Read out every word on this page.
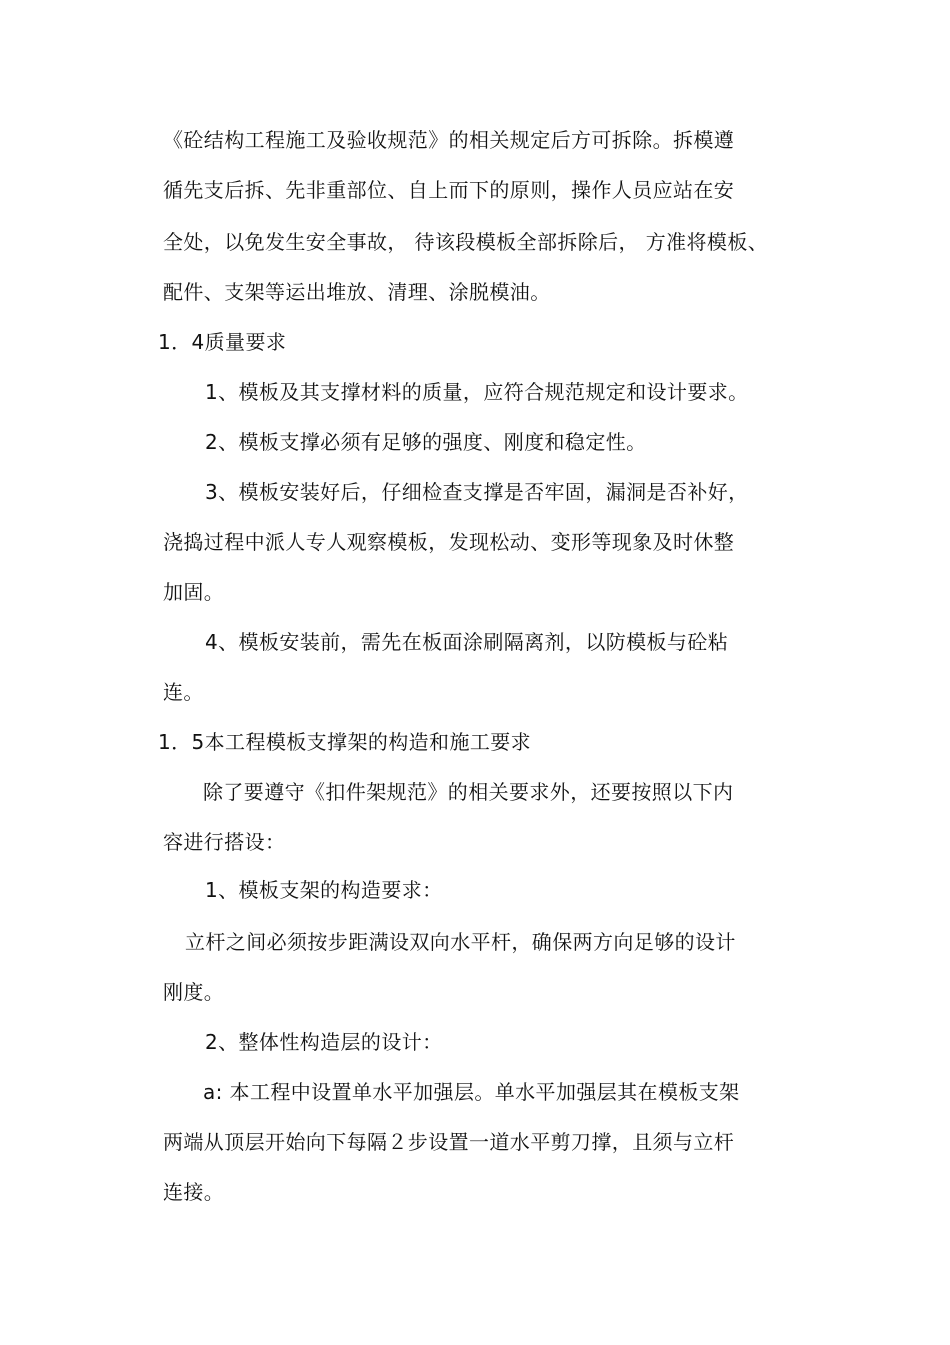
《砼结构工程施工及验收规范》的相关规定后方可拆除。拆模遵
循先支后拆、先非重部位、自上而下的原则，操作人员应站在安
全处，以免发生安全事故， 待该段模板全部拆除后， 方准将模板、
配件、支架等运出堆放、清理、涂脱模油。
1．4质量要求
1、模板及其支撑材料的质量，应符合规范规定和设计要求。
2、模板支撑必须有足够的强度、刚度和稳定性。
3、模板安装好后，仔细检查支撑是否牢固，漏洞是否补好，
浇捣过程中派人专人观察模板，发现松动、变形等现象及时休整
加固。
4、模板安装前，需先在板面涂刷隔离剂，以防模板与砼粘
连。
1．5本工程模板支撑架的构造和施工要求
除了要遵守《扣件架规范》的相关要求外，还要按照以下内
容进行搭设：
1、模板支架的构造要求：
立杆之间必须按步距满设双向水平杆，确保两方向足够的设计
刚度。
2、整体性构造层的设计：
a: 本工程中设置单水平加强层。单水平加强层其在模板支架
两端从顶层开始向下每隔２步设置一道水平剪刀撑，且须与立杆
连接。
